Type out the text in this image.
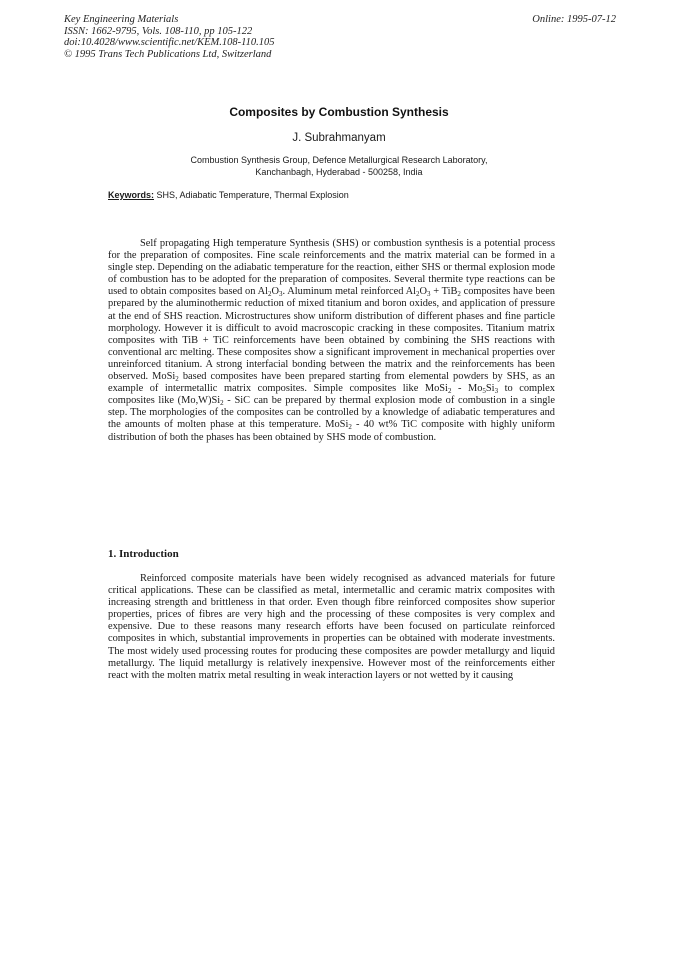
Key Engineering Materials
ISSN: 1662-9795, Vols. 108-110, pp 105-122
doi:10.4028/www.scientific.net/KEM.108-110.105
© 1995 Trans Tech Publications Ltd, Switzerland
Online: 1995-07-12
Composites by Combustion Synthesis
J. Subrahmanyam
Combustion Synthesis Group, Defence Metallurgical Research Laboratory,
Kanchanbagh, Hyderabad - 500258, India
Keywords: SHS, Adiabatic Temperature, Thermal Explosion

Self propagating High temperature Synthesis (SHS) or combustion synthesis is a potential process for the preparation of composites. Fine scale reinforcements and the matrix material can be formed in a single step. Depending on the adiabatic temperature for the reaction, either SHS or thermal explosion mode of combustion has to be adopted for the preparation of composites. Several thermite type reactions can be used to obtain composites based on $Al_2O_3$. Aluminum metal reinforced $Al_2O_3 + TiB_2$ composites have been prepared by the aluminothermic reduction of mixed titanium and boron oxides, and application of pressure at the end of SHS reaction. Microstructures show uniform distribution of different phases and fine particle morphology. However it is difficult to avoid macroscopic cracking in these composites. Titanium matrix composites with TiB + TiC reinforcements have been obtained by combining the SHS reactions with conventional arc melting. These composites show a significant improvement in mechanical properties over unreinforced titanium. A strong interfacial bonding between the matrix and the reinforcements has been observed. MoSi$_2$ based composites have been prepared starting from elemental powders by SHS, as an example of intermetallic matrix composites. Simple composites like MoSi$_2$ - $Mo_5Si_3$ to complex composites like $(Mo,W)Si_2$ - SiC can be prepared by thermal explosion mode of combustion in a single step. The morphologies of the composites can be controlled by a knowledge of adiabatic temperatures and the amounts of molten phase at this temperature. MoSi$_2$ - 40 wt% TiC composite with highly uniform distribution of both the phases has been obtained by SHS mode of combustion.

1. Introduction

Reinforced composite materials have been widely recognised as advanced materials for future critical applications. These can be classified as metal, intermetallic and ceramic matrix composites with increasing strength and brittleness in that order. Even though fibre reinforced composites show superior properties, prices of fibres are very high and the processing of these composites is very complex and expensive. Due to these reasons many research efforts have been focused on particulate reinforced composites in which, substantial improvements in properties can be obtained with moderate investments. The most widely used processing routes for producing these composites are powder metallurgy and liquid metallurgy. The liquid metallurgy is relatively inexpensive. However most of the reinforcements either react with the molten matrix metal resulting in weak interaction layers or not wetted by it causing
